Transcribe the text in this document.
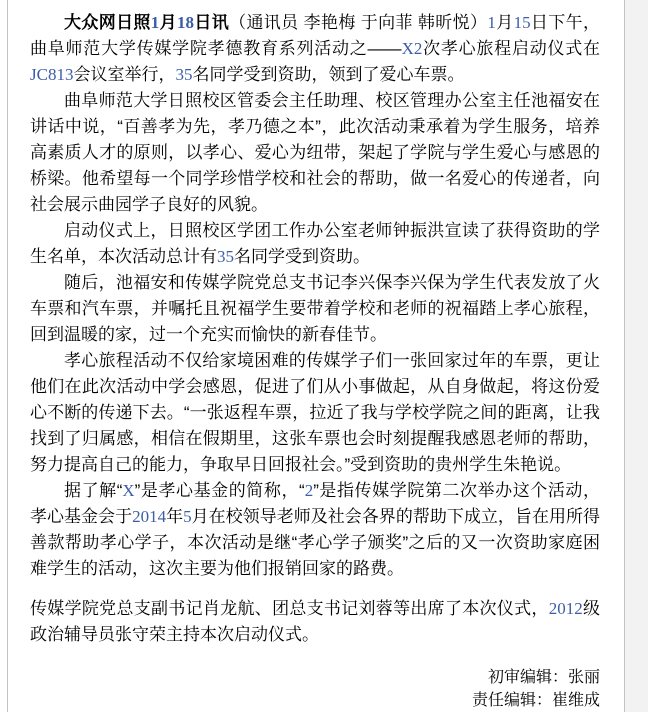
大众网日照1月18日讯（通讯员 李艳梅 于向菲 韩昕悦）1月15日下午，曲阜师范大学传媒学院孝德教育系列活动之——X2次孝心旅程启动仪式在JC813会议室举行，35名同学受到资助，领到了爱心车票。

曲阜师范大学日照校区管委会主任助理、校区管理办公室主任池福安在讲话中说，“百善孝为先，孝乃德之本”，此次活动秉承着为学生服务，培养高素质人才的原则，以孝心、爱心为纽带，架起了学院与学生爱心与感恩的桥梁。他希望每一个同学珍惜学校和社会的帮助，做一名爱心的传递者，向社会展示曲园学子良好的风貌。

启动仪式上，日照校区学团工作办公室老师钟振洪宣读了获得资助的学生名单，本次活动总计有35名同学受到资助。

随后，池福安和传媒学院党总支书记李兴保李兴保为学生代表发放了火车票和汽车票，并嘱托且祝福学生要带着学校和老师的祝福踏上孝心旅程，回到温暖的家，过一个充实而愉快的新春佳节。

孝心旅程活动不仅给家境困难的传媒学子们一张回家过年的车票，更让他们在此次活动中学会感恩，促进了们从小事做起，从自身做起，将这份爱心不断的传递下去。“一张返程车票，拉近了我与学校学院之间的距离，让我找到了归属感，相信在假期里，这张车票也会时刻提醒我感恩老师的帮助，努力提高自己的能力，争取早日回报社会。”受到资助的贵州学生朱艳说。

据了解“X”是孝心基金的简称，“2”是指传媒学院第二次举办这个活动，孝心基金会于2014年5月在校领导老师及社会各界的帮助下成立，旨在用所得善款帮助孝心学子，本次活动是继“孝心学子颁奖”之后的又一次资助家庭困难学生的活动，这次主要为他们报销回家的路费。

传媒学院党总支副书记肖龙航、团总支书记刘蓉等出席了本次仪式，2012级政治辅导员张守荣主持本次启动仪式。

初审编辑：张丽
责任编辑：崔维成
